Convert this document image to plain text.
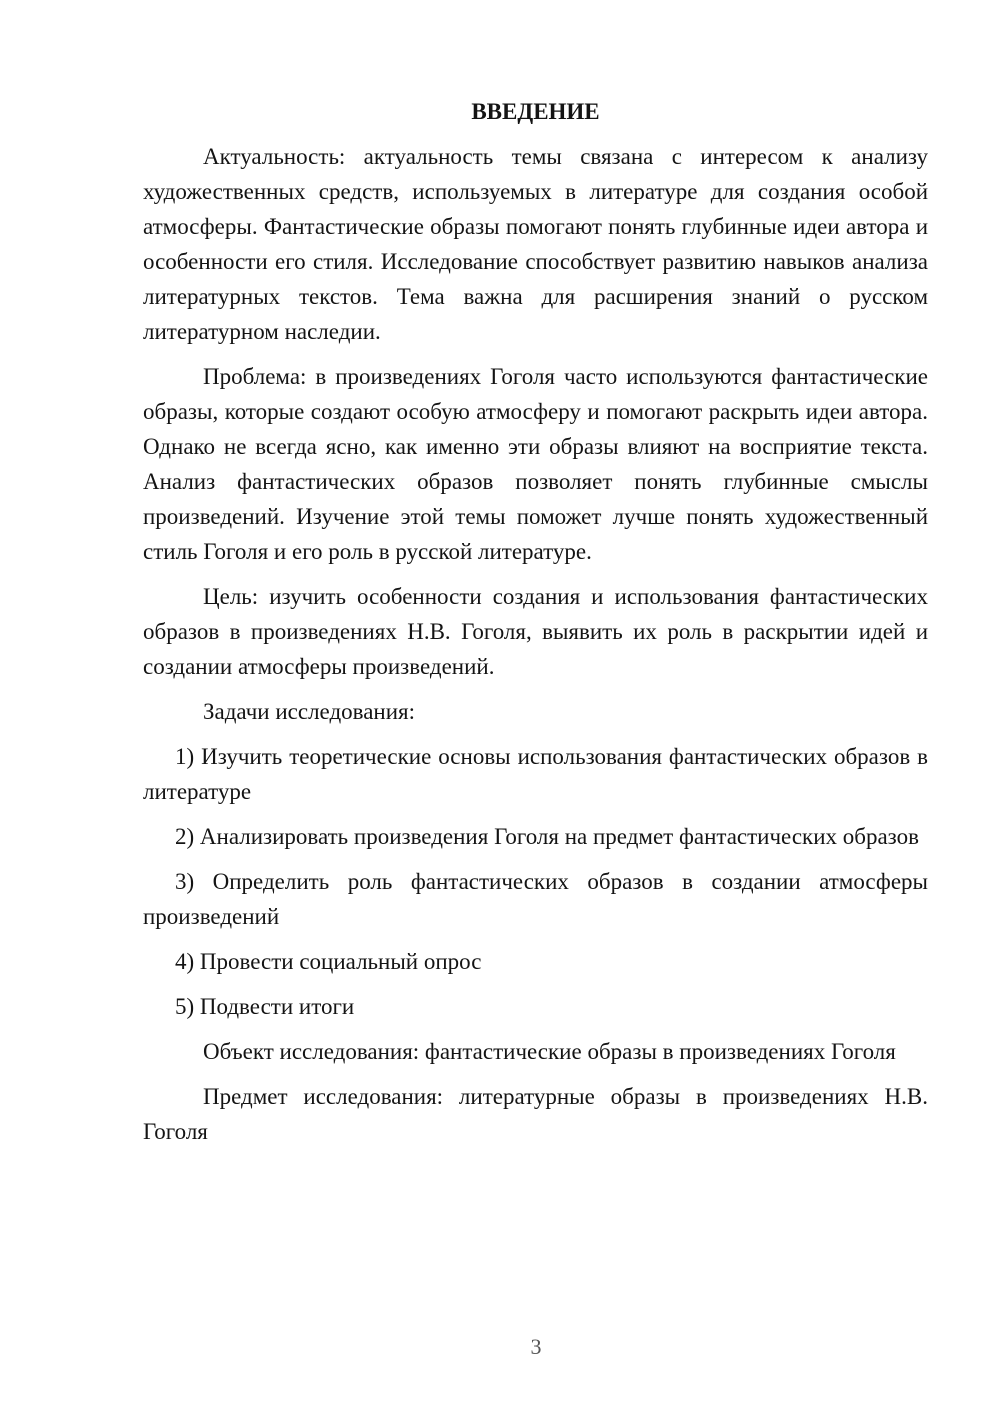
ВВЕДЕНИЕ

Актуальность: актуальность темы связана с интересом к анализу художественных средств, используемых в литературе для создания особой атмосферы. Фантастические образы помогают понять глубинные идеи автора и особенности его стиля. Исследование способствует развитию навыков анализа литературных текстов. Тема важна для расширения знаний о русском литературном наследии.

Проблема: в произведениях Гоголя часто используются фантастические образы, которые создают особую атмосферу и помогают раскрыть идеи автора. Однако не всегда ясно, как именно эти образы влияют на восприятие текста. Анализ фантастических образов позволяет понять глубинные смыслы произведений. Изучение этой темы поможет лучше понять художественный стиль Гоголя и его роль в русской литературе.

Цель: изучить особенности создания и использования фантастических образов в произведениях Н.В. Гоголя, выявить их роль в раскрытии идей и создании атмосферы произведений.

Задачи исследования:

1) Изучить теоретические основы использования фантастических образов в литературе

2) Анализировать произведения Гоголя на предмет фантастических образов

3) Определить роль фантастических образов в создании атмосферы произведений

4) Провести социальный опрос

5) Подвести итоги

Объект исследования: фантастические образы в произведениях Гоголя

Предмет исследования: литературные образы в произведениях Н.В. Гоголя

3
